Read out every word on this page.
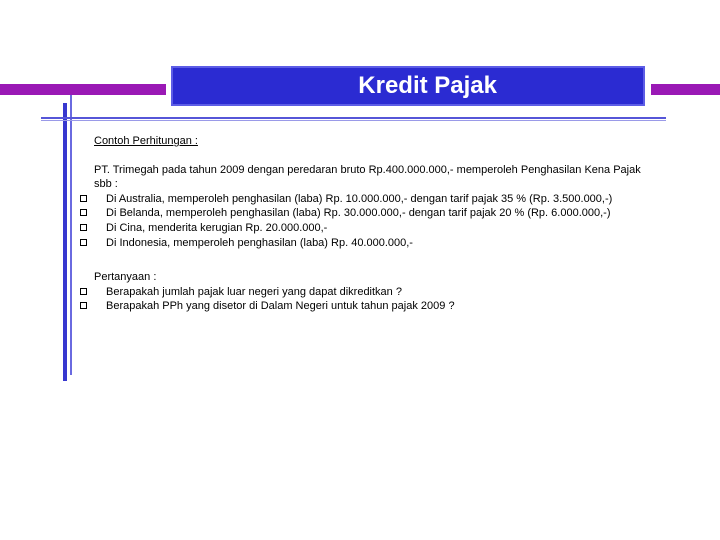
Kredit Pajak

Contoh Perhitungan :

PT. Trimegah pada tahun 2009 dengan peredaran bruto Rp.400.000.000,- memperoleh Penghasilan Kena Pajak sbb :

Di Australia, memperoleh penghasilan (laba) Rp. 10.000.000,- dengan tarif pajak 35 % (Rp. 3.500.000,-)
Di Belanda, memperoleh penghasilan (laba) Rp. 30.000.000,- dengan tarif pajak 20 % (Rp. 6.000.000,-)
Di Cina, menderita kerugian Rp. 20.000.000,-
Di Indonesia, memperoleh penghasilan (laba) Rp. 40.000.000,-

Pertanyaan :

Berapakah jumlah pajak luar negeri yang dapat dikreditkan ?
Berapakah PPh yang disetor di Dalam Negeri untuk tahun pajak 2009 ?
